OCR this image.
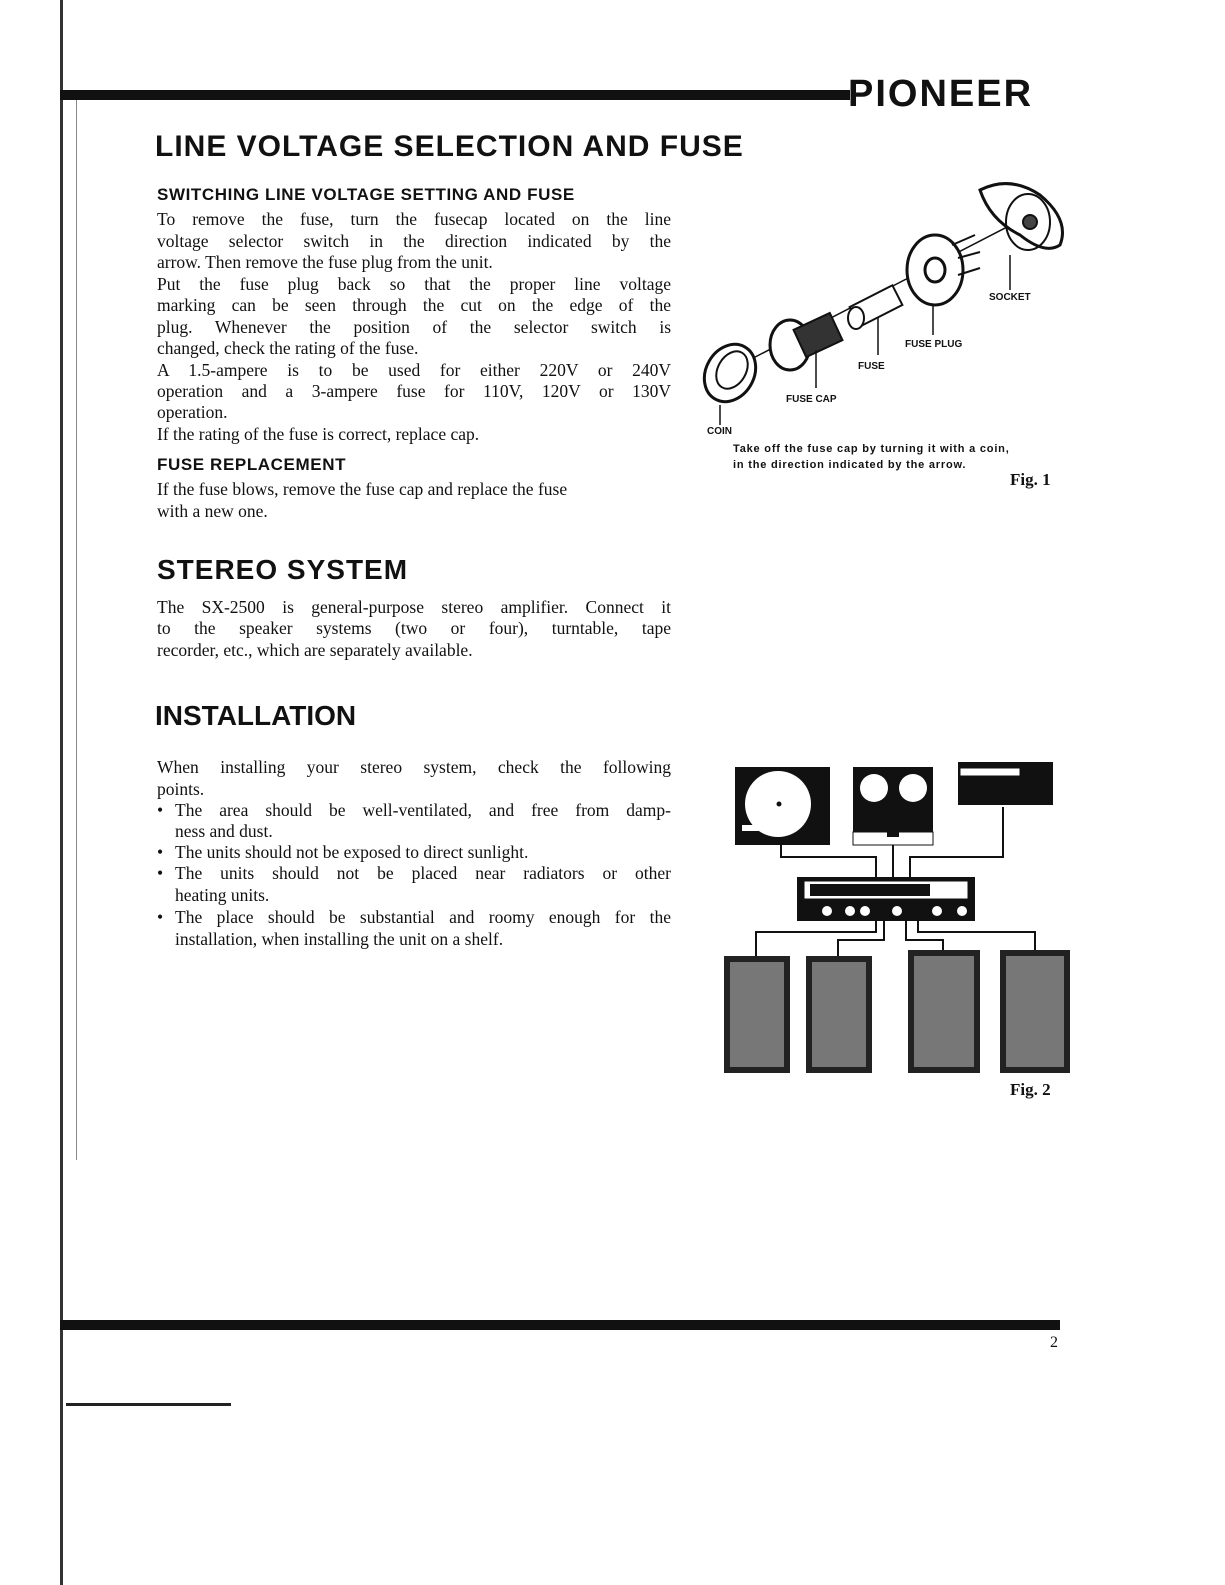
PIONEER
LINE VOLTAGE SELECTION AND FUSE
SWITCHING LINE VOLTAGE SETTING AND FUSE
To remove the fuse, turn the fusecap located on the line
voltage selector switch in the direction indicated by the
arrow. Then remove the fuse plug from the unit.
Put the fuse plug back so that the proper line voltage
marking can be seen through the cut on the edge of the
plug. Whenever the position of the selector switch is
changed, check the rating of the fuse.
A 1.5-ampere is to be used for either 220V or 240V
operation and a 3-ampere fuse for 110V, 120V or 130V
operation.
If the rating of the fuse is correct, replace cap.
FUSE REPLACEMENT
If the fuse blows, remove the fuse cap and replace the fuse
with a new one.
SOCKET
FUSE PLUG
FUSE
FUSE CAP
COIN
Take off the fuse cap by turning it with a coin,
in the direction indicated by the arrow.
Fig. 1
STEREO SYSTEM
The SX-2500 is general-purpose stereo amplifier. Connect it
to the speaker systems (two or four), turntable, tape
recorder, etc., which are separately available.
INSTALLATION
When installing your stereo system, check the following
points.
• The area should be well-ventilated, and free from damp-
ness and dust.
• The units should not be exposed to direct sunlight.
• The units should not be placed near radiators or other
heating units.
• The place should be substantial and roomy enough for the
installation, when installing the unit on a shelf.
Fig. 2
2
